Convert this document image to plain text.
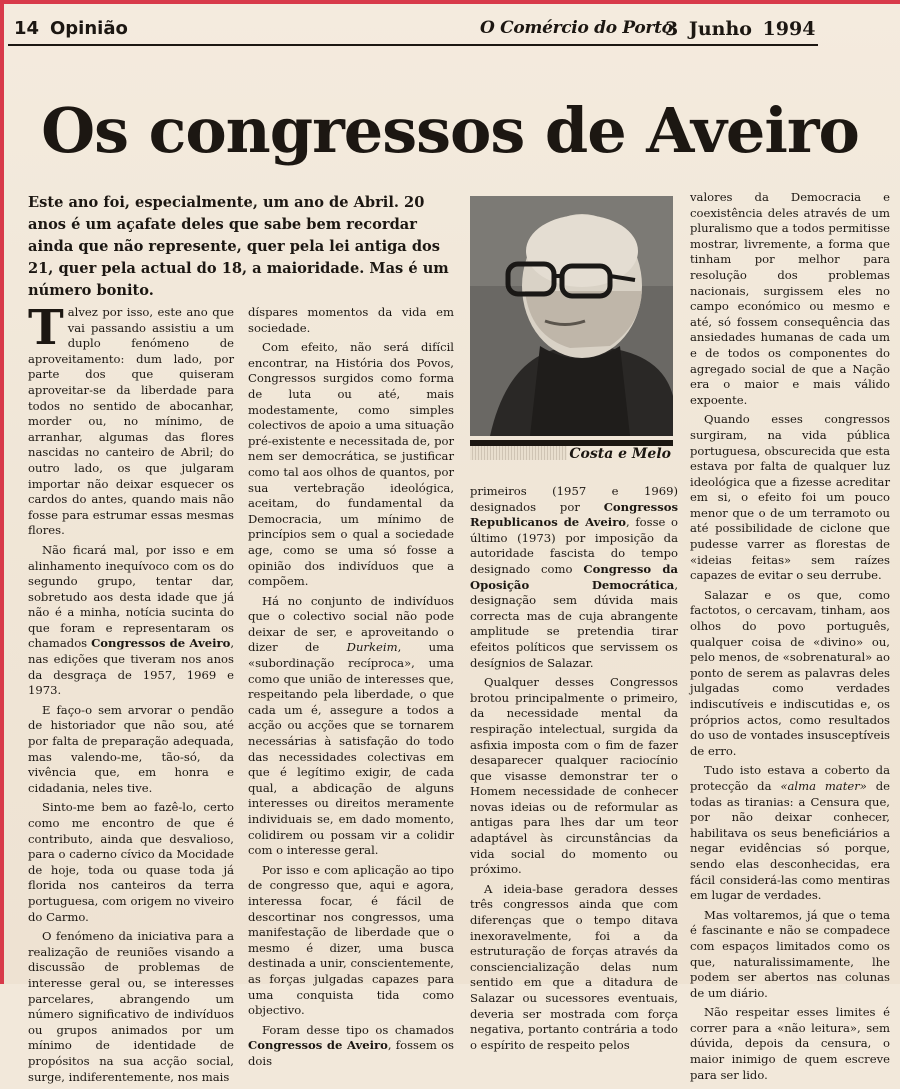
14 Opinião	O Comércio do Porto
3 Junho 1994
Os congressos de Aveiro

Este ano foi, especialmente, um ano de Abril. 20 anos é um açafate deles que sabe bem recordar ainda que não represente, quer pela lei antiga dos 21, quer pela actual do 18, a maioridade. Mas é um número bonito.

Costa e Melo

Talvez por isso, este ano que vai passando assistiu a um duplo fenómeno de aproveitamento: dum lado, por parte dos que quiseram aproveitar-se da liberdade para todos no sentido de abocanhar, morder ou, no mínimo, de arranhar, algumas das flores nascidas no canteiro de Abril; do outro lado, os que julgaram importar não deixar esquecer os cardos do antes, quando mais não fosse para estrumar essas mesmas flores.

Não ficará mal, por isso e em alinhamento inequívoco com os do segundo grupo, tentar dar, sobretudo aos desta idade que já não é a minha, notícia sucinta do que foram e representaram os chamados Congressos de Aveiro, nas edições que tiveram nos anos da desgraça de 1957, 1969 e 1973.

E faço-o sem arvorar o pendão de historiador que não sou, até por falta de preparação adequada, mas valendo-me, tão-só, da vivência que, em honra e cidadania, neles tive.

Sinto-me bem ao fazê-lo, certo como me encontro de que é contributo, ainda que desvalioso, para o caderno cívico da Mocidade de hoje, toda ou quase toda já florida nos canteiros da terra portuguesa, com origem no viveiro do Carmo.

O fenómeno da iniciativa para a realização de reuniões visando a discussão de problemas de interesse geral ou, se interesses parcelares, abrangendo um número significativo de indivíduos ou grupos animados por um mínimo de identidade de propósitos na sua acção social, surge, indiferentemente, nos mais

díspares momentos da vida em sociedade.

Com efeito, não será difícil encontrar, na História dos Povos, Congressos surgidos como forma de luta ou até, mais modestamente, como simples colectivos de apoio a uma situação pré-existente e necessitada de, por nem ser democrática, se justificar como tal aos olhos de quantos, por sua vertebração ideológica, aceitam, do fundamental da Democracia, um mínimo de princípios sem o qual a sociedade age, como se uma só fosse a opinião dos indivíduos que a compõem.

Há no conjunto de indivíduos que o colectivo social não pode deixar de ser, e aproveitando o dizer de Durkeim, uma «subordinação recíproca», uma como que união de interesses que, respeitando pela liberdade, o que cada um é, assegure a todos a acção ou acções que se tornarem necessárias à satisfação do todo das necessidades colectivas em que é legítimo exigir, de cada qual, a abdicação de alguns interesses ou direitos meramente individuais se, em dado momento, colidirem ou possam vir a colidir com o interesse geral.

Por isso e com aplicação ao tipo de congresso que, aqui e agora, interessa focar, é fácil de descortinar nos congressos, uma manifestação de liberdade que o mesmo é dizer, uma busca destinada a unir, conscientemente, as forças julgadas capazes para uma conquista tida como objectivo.

Foram desse tipo os chamados Congressos de Aveiro, fossem os dois

primeiros (1957 e 1969) designados por Congressos Republicanos de Aveiro, fosse o último (1973) por imposição da autoridade fascista do tempo designado como Congresso da Oposição Democrática, designação sem dúvida mais correcta mas de cuja abrangente amplitude se pretendia tirar efeitos políticos que servissem os desígnios de Salazar.

Qualquer desses Congressos brotou principalmente o primeiro, da necessidade mental da respiração intelectual, surgida da asfixia imposta com o fim de fazer desaparecer qualquer raciocínio que visasse demonstrar ter o Homem necessidade de conhecer novas ideias ou de reformular as antigas para lhes dar um teor adaptável às circunstâncias da vida social do momento ou próximo.

A ideia-base geradora desses três congressos ainda que com diferenças que o tempo ditava inexoravelmente, foi a da estruturação de forças através da consciencialização delas num sentido em que a ditadura de Salazar ou sucessores eventuais, deveria ser mostrada com força negativa, portanto contrária a todo o espírito de respeito pelos

valores da Democracia e coexistência deles através de um pluralismo que a todos permitisse mostrar, livremente, a forma que tinham por melhor para resolução dos problemas nacionais, surgissem eles no campo económico ou mesmo e até, só fossem consequência das ansiedades humanas de cada um e de todos os componentes do agregado social de que a Nação era o maior e mais válido expoente.

Quando esses congressos surgiram, na vida pública portuguesa, obscurecida que esta estava por falta de qualquer luz ideológica que a fizesse acreditar em si, o efeito foi um pouco menor que o de um terramoto ou até possibilidade de ciclone que pudesse varrer as florestas de «ideias feitas» sem raízes capazes de evitar o seu derrube.

Salazar e os que, como factotos, o cercavam, tinham, aos olhos do povo português, qualquer coisa de «divino» ou, pelo menos, de «sobrenatural» ao ponto de serem as palavras deles julgadas como verdades indiscutíveis e indiscutidas e, os próprios actos, como resultados do uso de vontades insusceptíveis de erro.

Tudo isto estava a coberto da protecção da «alma mater» de todas as tiranias: a Censura que, por não deixar conhecer, habilitava os seus beneficiários a negar evidências só porque, sendo elas desconhecidas, era fácil considerá-las como mentiras em lugar de verdades.

Mas voltaremos, já que o tema é fascinante e não se compadece com espaços limitados como os que, naturalissimamente, lhe podem ser abertos nas colunas de um diário.

Não respeitar esses limites é correr para a «não leitura», sem dúvida, depois da censura, o maior inimigo de quem escreve para ser lido.
